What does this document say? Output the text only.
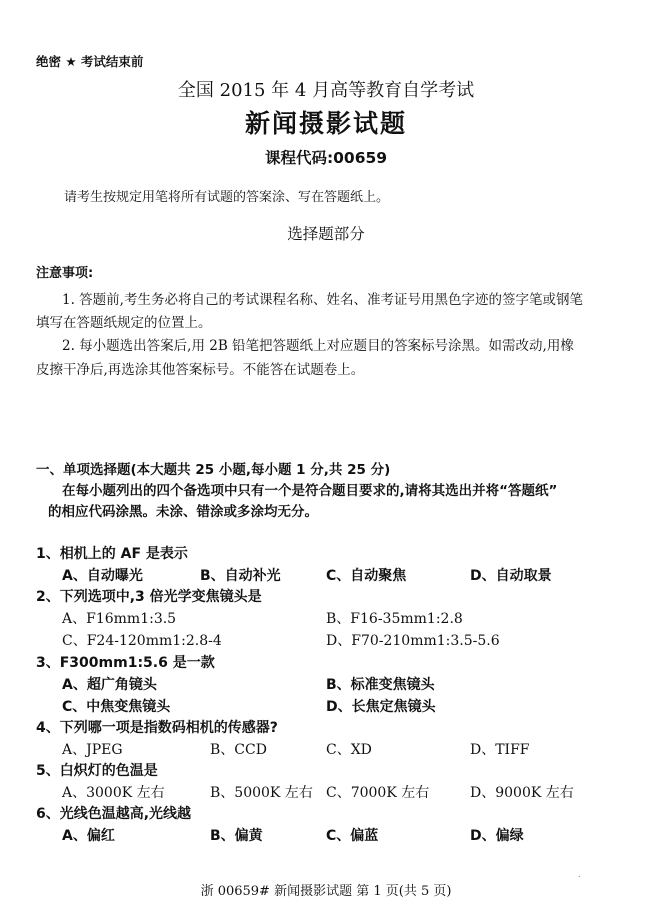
绝密 ★ 考试结束前
全国 2015 年 4 月高等教育自学考试
新闻摄影试题
课程代码:00659
请考生按规定用笔将所有试题的答案涂、写在答题纸上。
选择题部分
注意事项:
1. 答题前,考生务必将自己的考试课程名称、姓名、准考证号用黑色字迹的签字笔或钢笔
填写在答题纸规定的位置上。
2. 每小题选出答案后,用 2B 铅笔把答题纸上对应题目的答案标号涂黑。如需改动,用橡
皮擦干净后,再选涂其他答案标号。不能答在试题卷上。
一、单项选择题(本大题共 25 小题,每小题 1 分,共 25 分)
在每小题列出的四个备选项中只有一个是符合题目要求的,请将其选出并将“答题纸”
的相应代码涂黑。未涂、错涂或多涂均无分。
1、相机上的 AF 是表示
A、自动曝光	B、自动补光	C、自动聚焦	D、自动取景
2、下列选项中,3 倍光学变焦镜头是
A、F16mm1:3.5	B、F16-35mm1:2.8
C、F24-120mm1:2.8-4	D、F70-210mm1:3.5-5.6
3、F300mm1:5.6 是一款
A、超广角镜头	B、标准变焦镜头
C、中焦变焦镜头	D、长焦定焦镜头
4、下列哪一项是指数码相机的传感器?
A、JPEG	B、CCD	C、XD	D、TIFF
5、白炽灯的色温是
A、3000K 左右	B、5000K 左右 C、7000K 左右	D、9000K 左右
6、光线色温越高,光线越
A、偏红	B、偏黄	C、偏蓝	D、偏绿
.
浙 00659# 新闻摄影试题 第 1 页(共 5 页)
